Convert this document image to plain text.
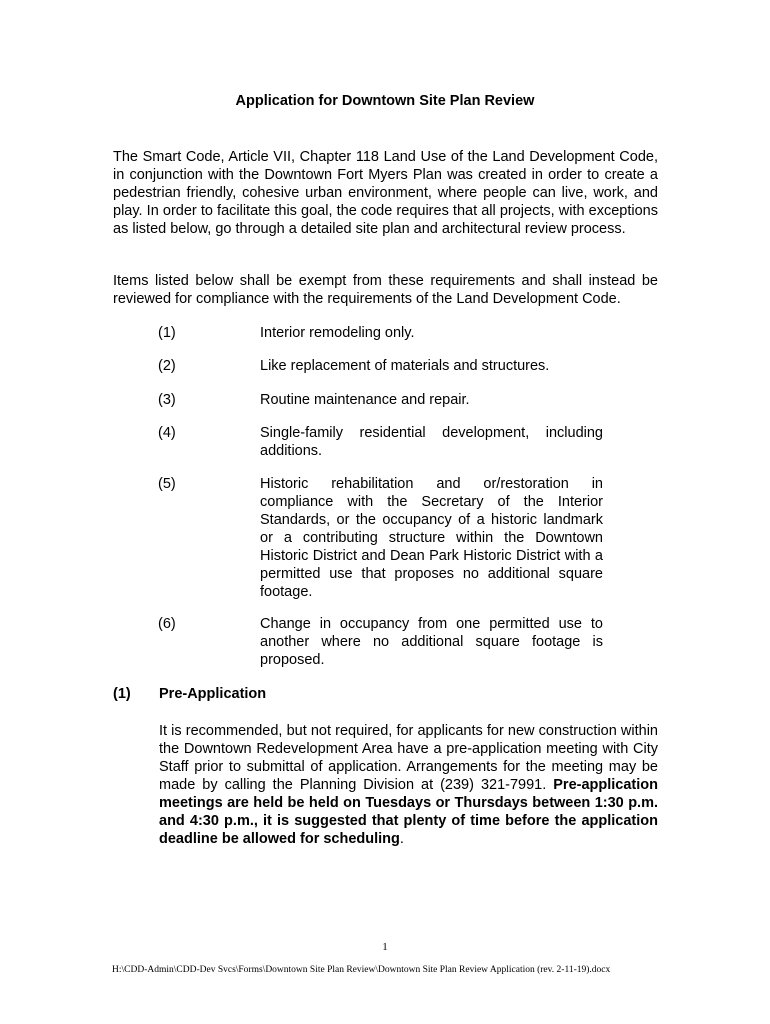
Application for Downtown Site Plan Review

The Smart Code, Article VII, Chapter 118 Land Use of the Land Development Code, in conjunction with the Downtown Fort Myers Plan was created in order to create a pedestrian friendly, cohesive urban environment, where people can live, work, and play. In order to facilitate this goal, the code requires that all projects, with exceptions as listed below, go through a detailed site plan and architectural review process.

Items listed below shall be exempt from these requirements and shall instead be reviewed for compliance with the requirements of the Land Development Code.

(1)	Interior remodeling only.
(2)	Like replacement of materials and structures.
(3)	Routine maintenance and repair.
(4)	Single-family residential development, including additions.
(5)	Historic rehabilitation and or/restoration in compliance with the Secretary of the Interior Standards, or the occupancy of a historic landmark or a contributing structure within the Downtown Historic District and Dean Park Historic District with a permitted use that proposes no additional square footage.
(6)	Change in occupancy from one permitted use to another where no additional square footage is proposed.
(1) Pre-Application

It is recommended, but not required, for applicants for new construction within the Downtown Redevelopment Area have a pre-application meeting with City Staff prior to submittal of application. Arrangements for the meeting may be made by calling the Planning Division at (239) 321-7991. Pre-application meetings are held be held on Tuesdays or Thursdays between 1:30 p.m. and 4:30 p.m., it is suggested that plenty of time before the application deadline be allowed for scheduling.

1
H:\CDD-Admin\CDD-Dev Svcs\Forms\Downtown Site Plan Review\Downtown Site Plan Review Application (rev. 2-11-19).docx
